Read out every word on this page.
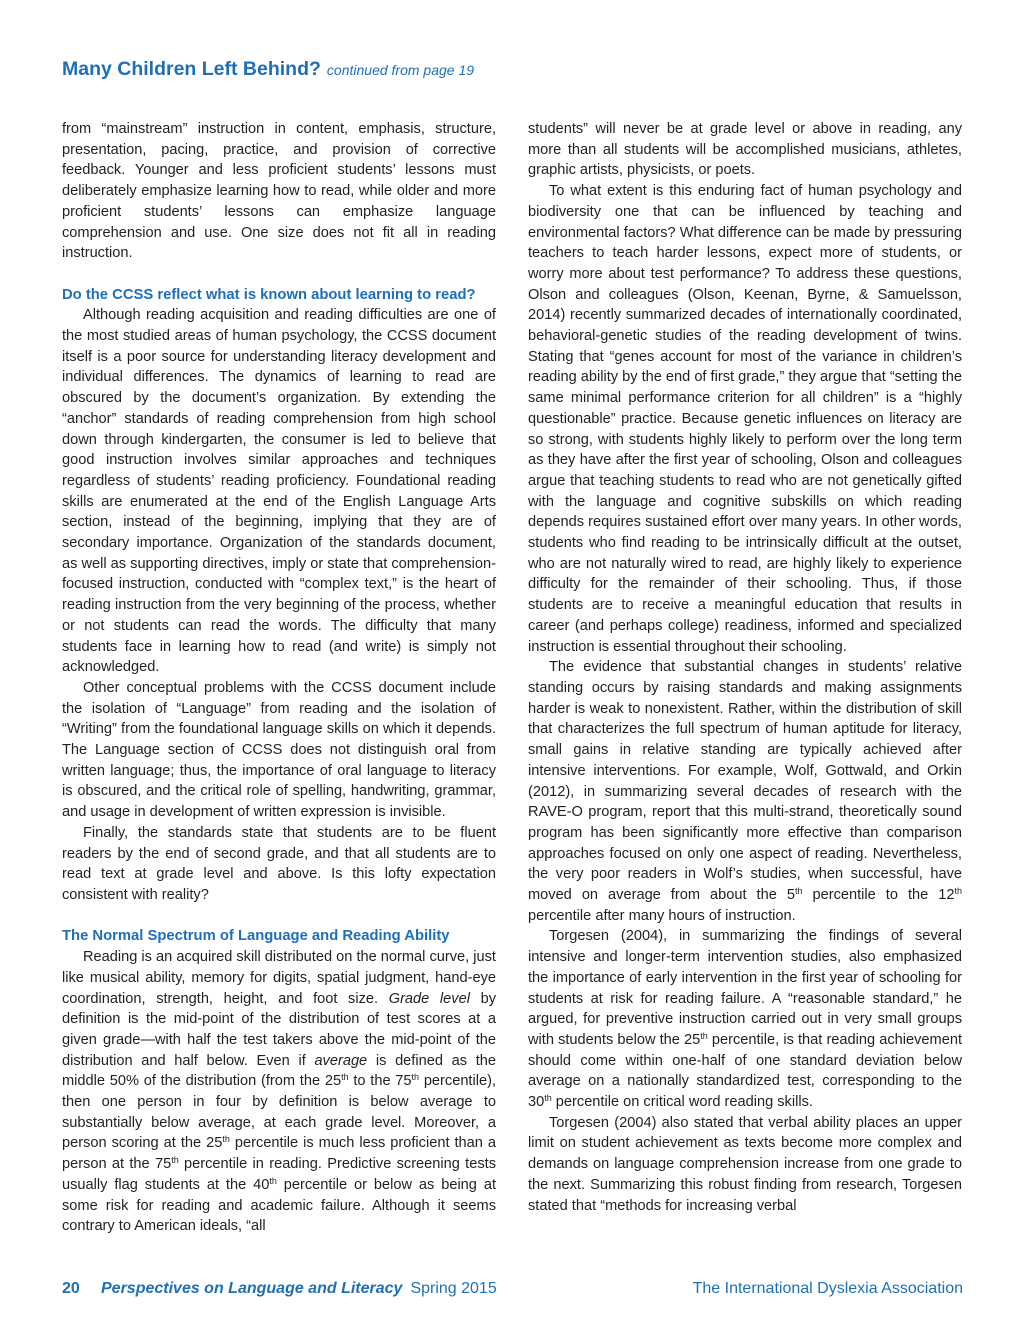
Many Children Left Behind? continued from page 19

from “mainstream” instruction in content, emphasis, structure, presentation, pacing, practice, and provision of corrective feedback. Younger and less proficient students’ lessons must deliberately emphasize learning how to read, while older and more proficient students’ lessons can emphasize language comprehension and use. One size does not fit all in reading instruction.

Do the CCSS reflect what is known about learning to read?

Although reading acquisition and reading difficulties are one of the most studied areas of human psychology, the CCSS document itself is a poor source for understanding literacy development and individual differences. The dynamics of learning to read are obscured by the document’s organization. By extending the “anchor” standards of reading comprehension from high school down through kindergarten, the consumer is led to believe that good instruction involves similar approaches and techniques regardless of students’ reading proficiency. Foundational reading skills are enumerated at the end of the English Language Arts section, instead of the beginning, implying that they are of secondary importance. Organization of the standards document, as well as supporting directives, imply or state that comprehension-focused instruction, conducted with “complex text,” is the heart of reading instruction from the very beginning of the process, whether or not students can read the words. The difficulty that many students face in learning how to read (and write) is simply not acknowledged.

Other conceptual problems with the CCSS document include the isolation of “Language” from reading and the isolation of “Writing” from the foundational language skills on which it depends. The Language section of CCSS does not distinguish oral from written language; thus, the importance of oral language to literacy is obscured, and the critical role of spelling, handwriting, grammar, and usage in development of written expression is invisible.

Finally, the standards state that students are to be fluent readers by the end of second grade, and that all students are to read text at grade level and above. Is this lofty expectation consistent with reality?

The Normal Spectrum of Language and Reading Ability

Reading is an acquired skill distributed on the normal curve, just like musical ability, memory for digits, spatial judgment, hand-eye coordination, strength, height, and foot size. Grade level by definition is the mid-point of the distribution of test scores at a given grade—with half the test takers above the mid-point of the distribution and half below. Even if average is defined as the middle 50% of the distribution (from the 25th to the 75th percentile), then one person in four by definition is below average to substantially below average, at each grade level. Moreover, a person scoring at the 25th percentile is much less proficient than a person at the 75th percentile in reading. Predictive screening tests usually flag students at the 40th percentile or below as being at some risk for reading and academic failure. Although it seems contrary to American ideals, “all

students” will never be at grade level or above in reading, any more than all students will be accomplished musicians, athletes, graphic artists, physicists, or poets.

To what extent is this enduring fact of human psychology and biodiversity one that can be influenced by teaching and environmental factors? What difference can be made by pressuring teachers to teach harder lessons, expect more of students, or worry more about test performance? To address these questions, Olson and colleagues (Olson, Keenan, Byrne, & Samuelsson, 2014) recently summarized decades of internationally coordinated, behavioral-genetic studies of the reading development of twins. Stating that “genes account for most of the variance in children’s reading ability by the end of first grade,” they argue that “setting the same minimal performance criterion for all children” is a “highly questionable” practice. Because genetic influences on literacy are so strong, with students highly likely to perform over the long term as they have after the first year of schooling, Olson and colleagues argue that teaching students to read who are not genetically gifted with the language and cognitive subskills on which reading depends requires sustained effort over many years. In other words, students who find reading to be intrinsically difficult at the outset, who are not naturally wired to read, are highly likely to experience difficulty for the remainder of their schooling. Thus, if those students are to receive a meaningful education that results in career (and perhaps college) readiness, informed and specialized instruction is essential throughout their schooling.

The evidence that substantial changes in students’ relative standing occurs by raising standards and making assignments harder is weak to nonexistent. Rather, within the distribution of skill that characterizes the full spectrum of human aptitude for literacy, small gains in relative standing are typically achieved after intensive interventions. For example, Wolf, Gottwald, and Orkin (2012), in summarizing several decades of research with the RAVE-O program, report that this multi-strand, theoretically sound program has been significantly more effective than comparison approaches focused on only one aspect of reading. Nevertheless, the very poor readers in Wolf’s studies, when successful, have moved on average from about the 5th percentile to the 12th percentile after many hours of instruction.

Torgesen (2004), in summarizing the findings of several intensive and longer-term intervention studies, also emphasized the importance of early intervention in the first year of schooling for students at risk for reading failure. A “reasonable standard,” he argued, for preventive instruction carried out in very small groups with students below the 25th percentile, is that reading achievement should come within one-half of one standard deviation below average on a nationally standardized test, corresponding to the 30th percentile on critical word reading skills.

Torgesen (2004) also stated that verbal ability places an upper limit on student achievement as texts become more complex and demands on language comprehension increase from one grade to the next. Summarizing this robust finding from research, Torgesen stated that “methods for increasing verbal

20 Perspectives on Language and Literacy Spring 2015	The International Dyslexia Association
